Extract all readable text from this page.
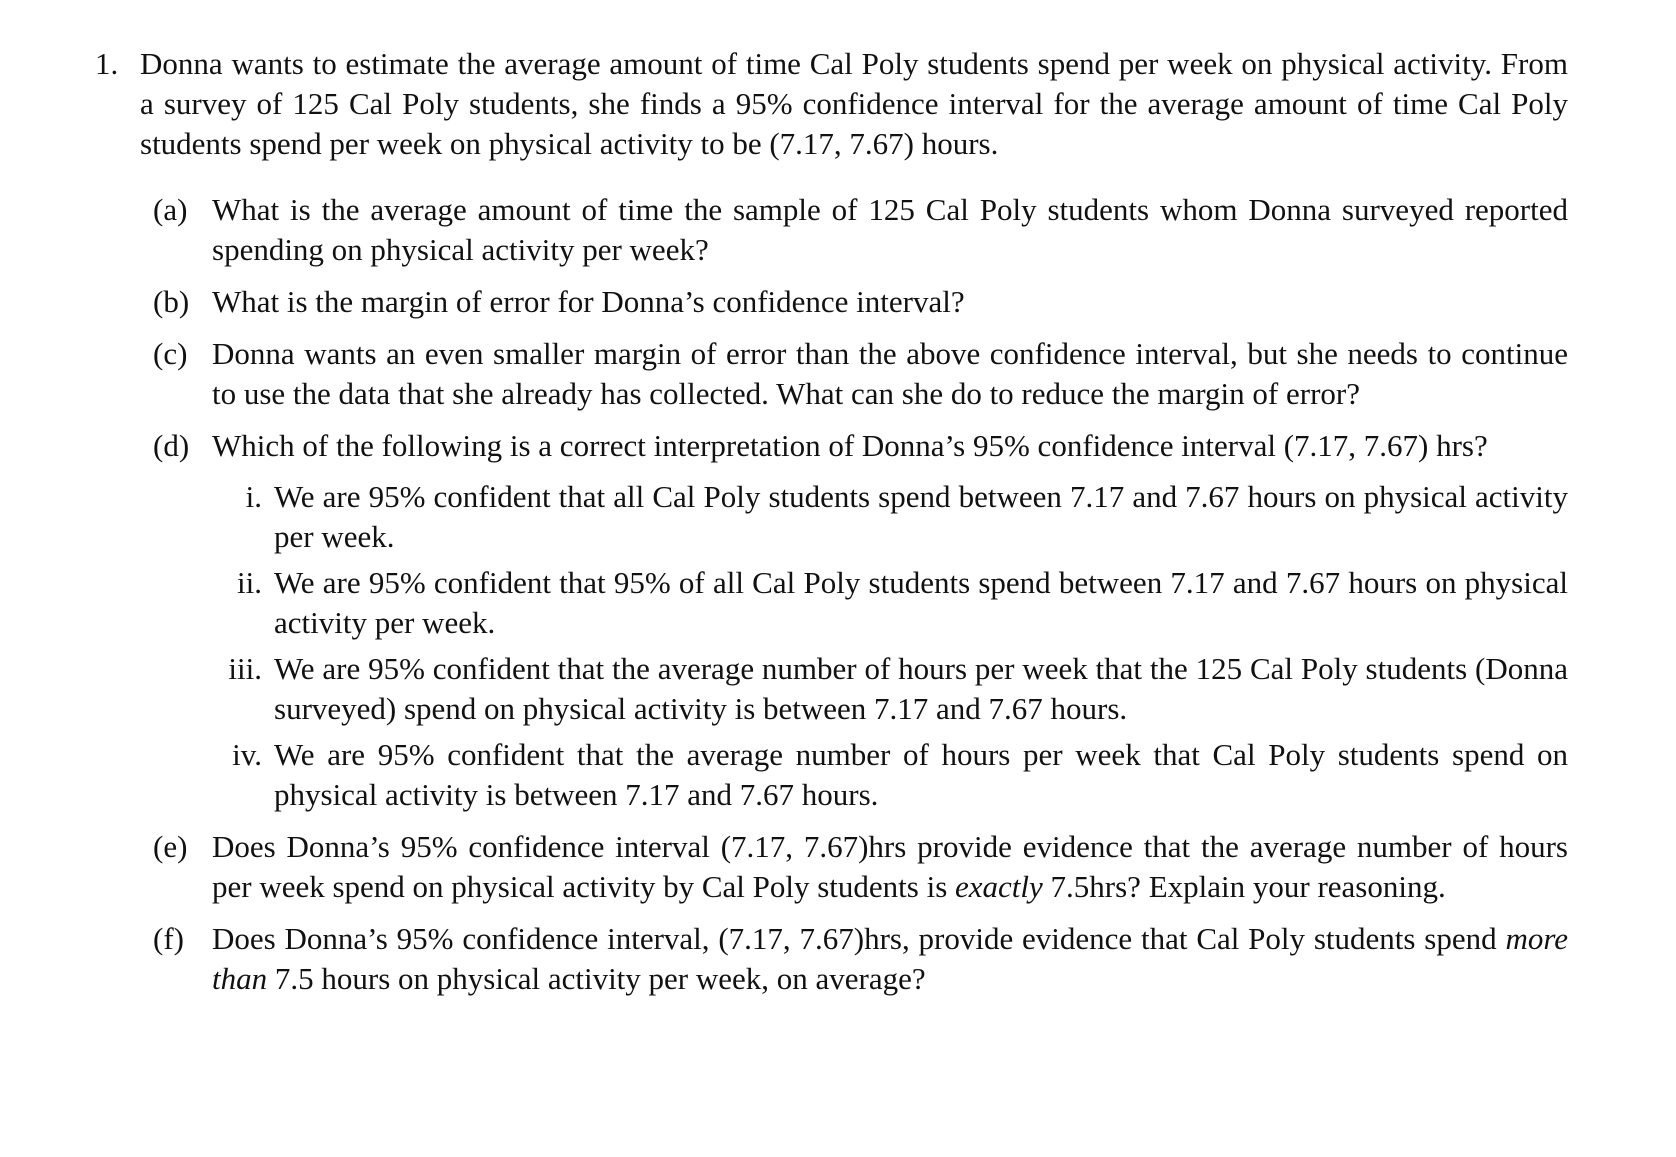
1. Donna wants to estimate the average amount of time Cal Poly students spend per week on physical activity. From a survey of 125 Cal Poly students, she finds a 95% confidence interval for the average amount of time Cal Poly students spend per week on physical activity to be (7.17, 7.67) hours.
(a) What is the average amount of time the sample of 125 Cal Poly students whom Donna surveyed reported spending on physical activity per week?
(b) What is the margin of error for Donna’s confidence interval?
(c) Donna wants an even smaller margin of error than the above confidence interval, but she needs to continue to use the data that she already has collected. What can she do to reduce the margin of error?
(d) Which of the following is a correct interpretation of Donna’s 95% confidence interval (7.17, 7.67) hrs?
i. We are 95% confident that all Cal Poly students spend between 7.17 and 7.67 hours on physical activity per week.
ii. We are 95% confident that 95% of all Cal Poly students spend between 7.17 and 7.67 hours on physical activity per week.
iii. We are 95% confident that the average number of hours per week that the 125 Cal Poly students (Donna surveyed) spend on physical activity is between 7.17 and 7.67 hours.
iv. We are 95% confident that the average number of hours per week that Cal Poly students spend on physical activity is between 7.17 and 7.67 hours.
(e) Does Donna’s 95% confidence interval (7.17, 7.67)hrs provide evidence that the average number of hours per week spend on physical activity by Cal Poly students is exactly 7.5hrs? Explain your reasoning.
(f) Does Donna’s 95% confidence interval, (7.17, 7.67)hrs, provide evidence that Cal Poly students spend more than 7.5 hours on physical activity per week, on average?
